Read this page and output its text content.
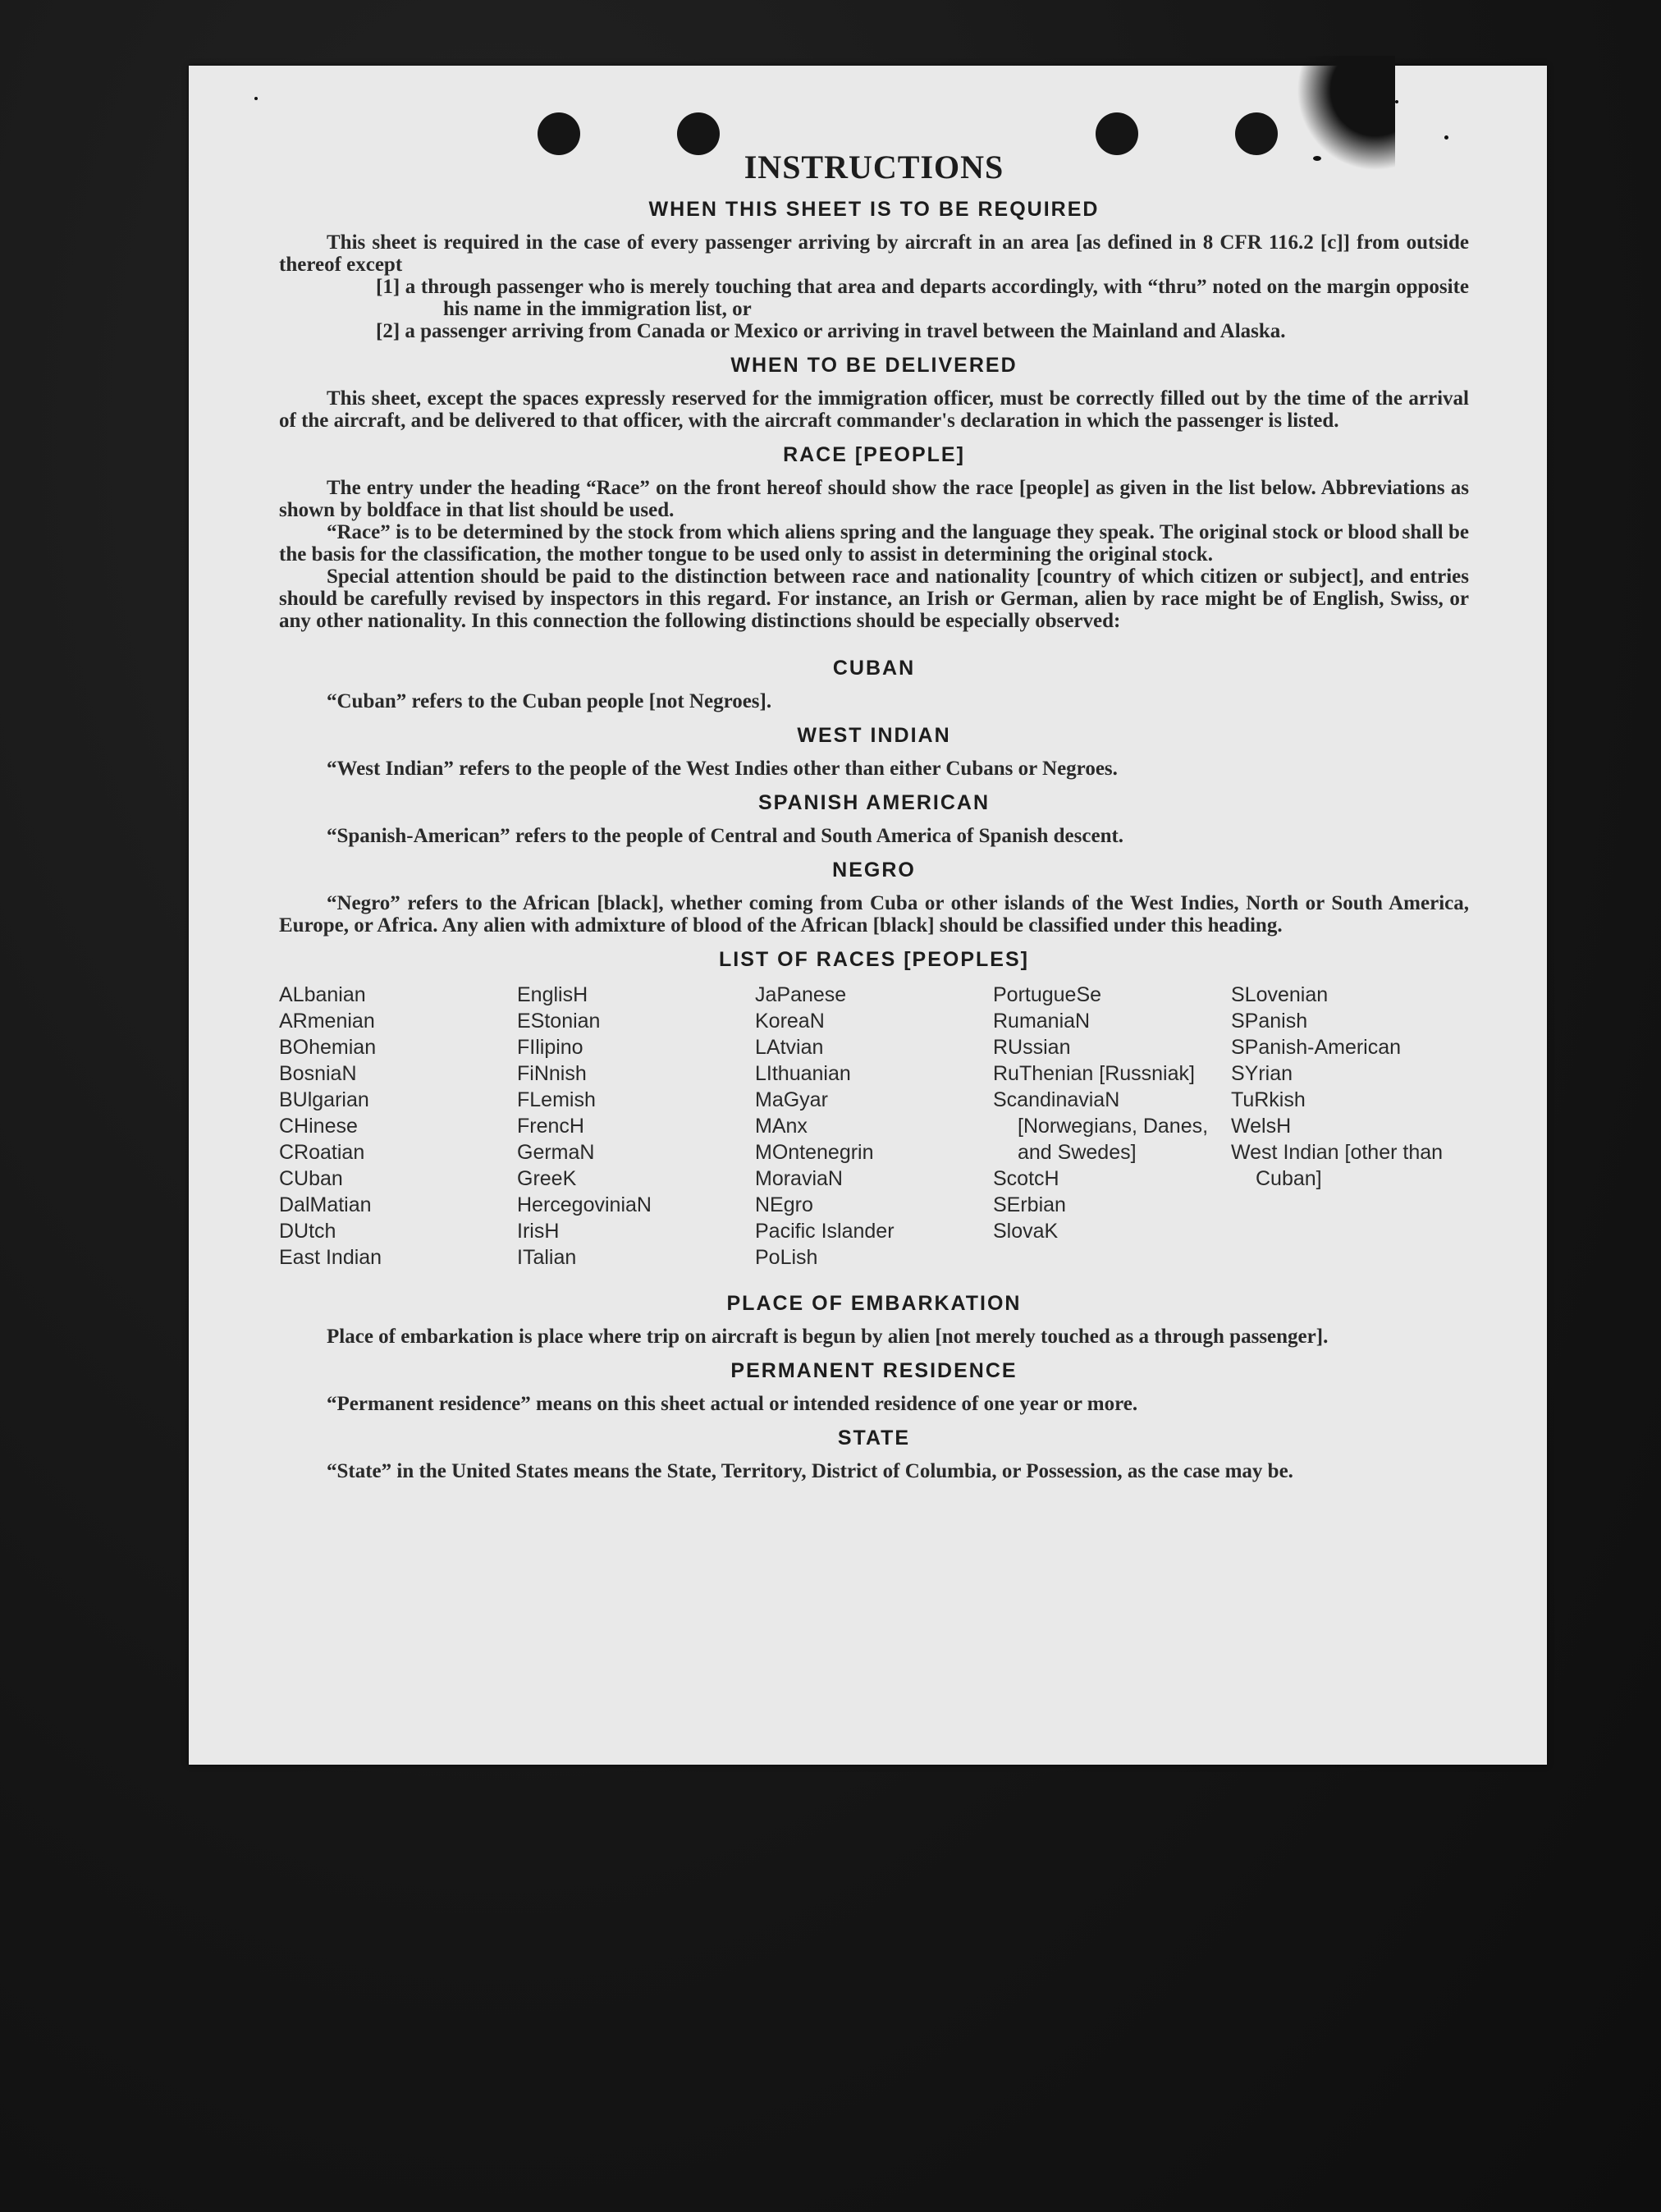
INSTRUCTIONS
WHEN THIS SHEET IS TO BE REQUIRED

This sheet is required in the case of every passenger arriving by aircraft in an area [as defined in 8 CFR 116.2 [c]] from outside thereof except

[1] a through passenger who is merely touching that area and departs accordingly, with “thru” noted on the margin opposite his name in the immigration list, or

[2] a passenger arriving from Canada or Mexico or arriving in travel between the Mainland and Alaska.

WHEN TO BE DELIVERED

This sheet, except the spaces expressly reserved for the immigration officer, must be correctly filled out by the time of the arrival of the aircraft, and be delivered to that officer, with the aircraft commander's declaration in which the passenger is listed.

RACE [PEOPLE]

The entry under the heading “Race” on the front hereof should show the race [people] as given in the list below. Abbreviations as shown by boldface in that list should be used.

“Race” is to be determined by the stock from which aliens spring and the language they speak. The original stock or blood shall be the basis for the classification, the mother tongue to be used only to assist in determining the original stock.

Special attention should be paid to the distinction between race and nationality [country of which citizen or subject], and entries should be carefully revised by inspectors in this regard. For instance, an Irish or German, alien by race might be of English, Swiss, or any other nationality. In this connection the following distinctions should be especially observed:

CUBAN

“Cuban” refers to the Cuban people [not Negroes].

WEST INDIAN

“West Indian” refers to the people of the West Indies other than either Cubans or Negroes.

SPANISH AMERICAN

“Spanish-American” refers to the people of Central and South America of Spanish descent.

NEGRO

“Negro” refers to the African [black], whether coming from Cuba or other islands of the West Indies, North or South America, Europe, or Africa. Any alien with admixture of blood of the African [black] should be classified under this heading.

LIST OF RACES [PEOPLES]
ALbanian
ARmenian
BOhemian
BosniaN
BUlgarian
CHinese
CRoatian
CUban
DalMatian
DUtch
East Indian
EnglisH
EStonian
FIlipino
FiNnish
FLemish
FrencH
GermaN
GreeK
HercegoviniaN
IrisH
ITalian
JaPanese
KoreaN
LAtvian
LIthuanian
MaGyar
MAnx
MOntenegrin
MoraviaN
NEgro
Pacific Islander
PoLish
PortugueSe
RumaniaN
RUssian
RuThenian [Russniak]
ScandinaviaN [Norwegians, Danes, and Swedes]
ScotcH
SErbian
SlovaK
SLovenian
SPanish
SPanish-American
SYrian
TuRkish
WelsH
West Indian [other than Cuban]
PLACE OF EMBARKATION

Place of embarkation is place where trip on aircraft is begun by alien [not merely touched as a through passenger].

PERMANENT RESIDENCE

“Permanent residence” means on this sheet actual or intended residence of one year or more.

STATE

“State” in the United States means the State, Territory, District of Columbia, or Possession, as the case may be.
